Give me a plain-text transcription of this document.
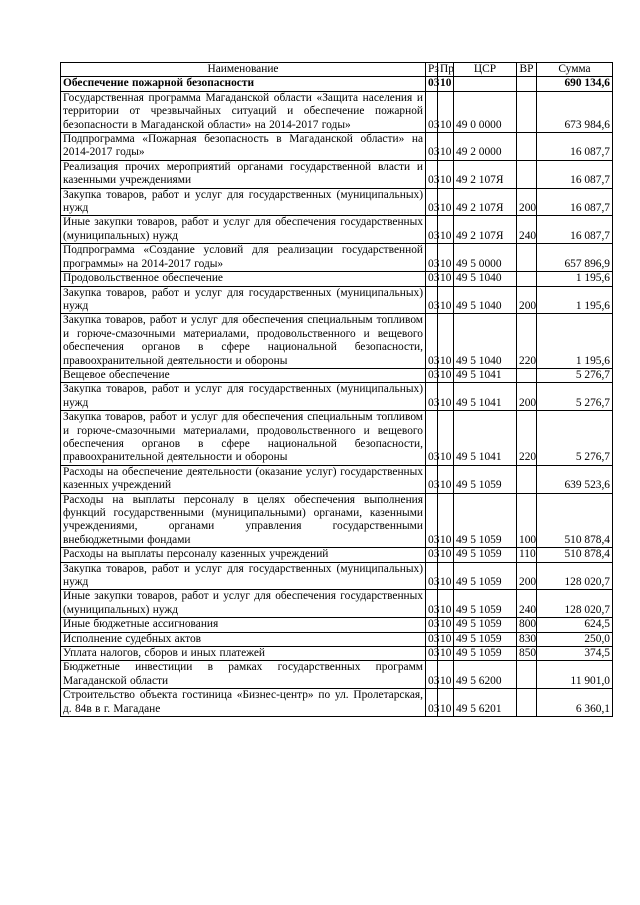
Наименование	Рз	Пр	ЦСР	ВР	Сумма
Обеспечение пожарной безопасности	03	10			690 134,6
Государственная программа Магаданской области «Защита населения и территории от чрезвычайных ситуаций и обеспечение пожарной безопасности в Магаданской области» на 2014-2017 годы»	03	10	49 0 0000		673 984,6
Подпрограмма «Пожарная безопасность в Магаданской области» на 2014-2017 годы»	03	10	49 2 0000		16 087,7
Реализация прочих мероприятий органами государственной власти и казенными учреждениями	03	10	49 2 107Я		16 087,7
Закупка товаров, работ и услуг для государственных (муниципальных) нужд	03	10	49 2 107Я	200	16 087,7
Иные закупки товаров, работ и услуг для обеспечения государственных (муниципальных) нужд	03	10	49 2 107Я	240	16 087,7
Подпрограмма «Создание условий для реализации государственной программы» на 2014-2017 годы»	03	10	49 5 0000		657 896,9
Продовольственное обеспечение	03	10	49 5 1040		1 195,6
Закупка товаров, работ и услуг для государственных (муниципальных) нужд	03	10	49 5 1040	200	1 195,6
Закупка товаров, работ и услуг для обеспечения специальным топливом и горюче-смазочными материалами, продовольственного и вещевого обеспечения органов в сфере национальной безопасности, правоохранительной деятельности и обороны	03	10	49 5 1040	220	1 195,6
Вещевое обеспечение	03	10	49 5 1041		5 276,7
Закупка товаров, работ и услуг для государственных (муниципальных) нужд	03	10	49 5 1041	200	5 276,7
Закупка товаров, работ и услуг для обеспечения специальным топливом и горюче-смазочными материалами, продовольственного и вещевого обеспечения органов в сфере национальной безопасности, правоохранительной деятельности и обороны	03	10	49 5 1041	220	5 276,7
Расходы на обеспечение деятельности (оказание услуг) государственных казенных учреждений	03	10	49 5 1059		639 523,6
Расходы на выплаты персоналу в целях обеспечения выполнения функций государственными (муниципальными) органами, казенными учреждениями, органами управления государственными внебюджетными фондами	03	10	49 5 1059	100	510 878,4
Расходы на выплаты персоналу казенных учреждений	03	10	49 5 1059	110	510 878,4
Закупка товаров, работ и услуг для государственных (муниципальных) нужд	03	10	49 5 1059	200	128 020,7
Иные закупки товаров, работ и услуг для обеспечения государственных (муниципальных) нужд	03	10	49 5 1059	240	128 020,7
Иные бюджетные ассигнования	03	10	49 5 1059	800	624,5
Исполнение судебных актов	03	10	49 5 1059	830	250,0
Уплата налогов, сборов и иных платежей	03	10	49 5 1059	850	374,5
Бюджетные инвестиции в рамках государственных программ Магаданской области	03	10	49 5 6200		11 901,0
Строительство объекта гостиница «Бизнес-центр» по ул. Пролетарская, д. 84в в г. Магадане	03	10	49 5 6201		6 360,1
